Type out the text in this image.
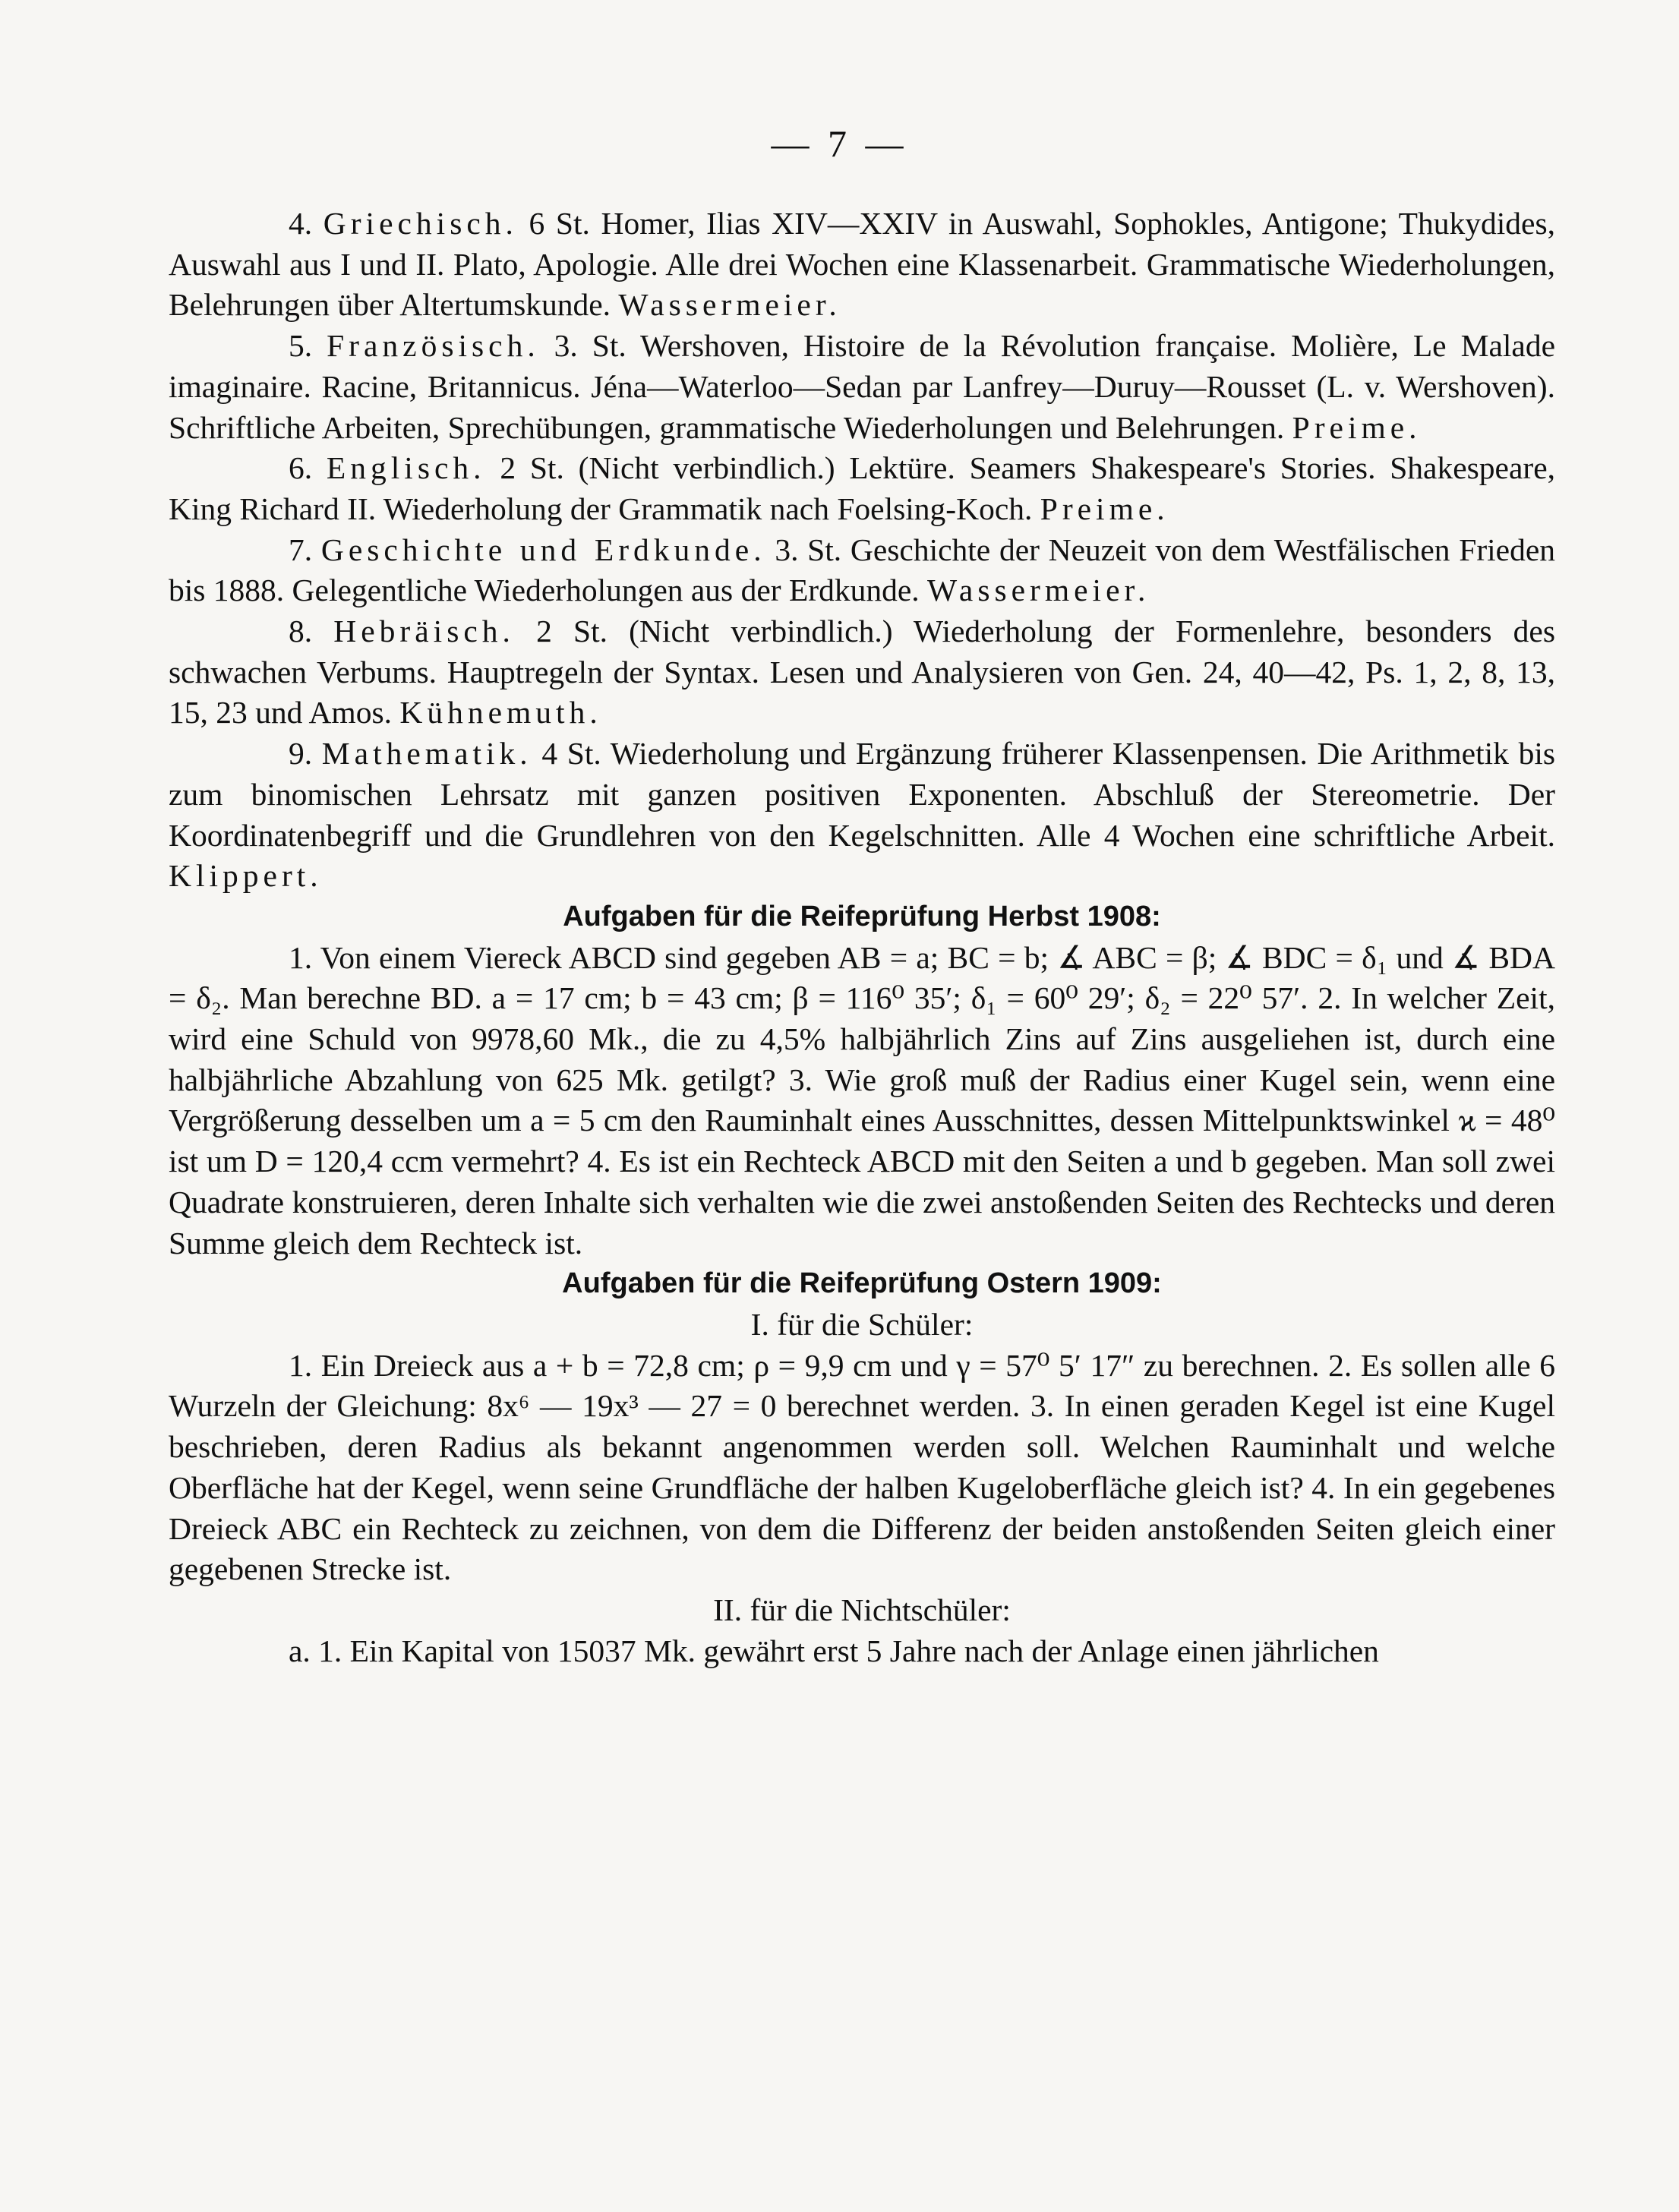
— 7 —

4. Griechisch. 6 St. Homer, Ilias XIV—XXIV in Auswahl, Sophokles, Antigone; Thukydides, Auswahl aus I und II. Plato, Apologie. Alle drei Wochen eine Klassenarbeit. Grammatische Wiederholungen, Belehrungen über Altertumskunde. Wassermeier.

5. Französisch. 3. St. Wershoven, Histoire de la Révolution française. Molière, Le Malade imaginaire. Racine, Britannicus. Jéna—Waterloo—Sedan par Lanfrey—Duruy—Rousset (L. v. Wershoven). Schriftliche Arbeiten, Sprechübungen, grammatische Wiederholungen und Belehrungen. Preime.

6. Englisch. 2 St. (Nicht verbindlich.) Lektüre. Seamers Shakespeare's Stories. Shakespeare, King Richard II. Wiederholung der Grammatik nach Foelsing-Koch. Preime.

7. Geschichte und Erdkunde. 3. St. Geschichte der Neuzeit von dem Westfälischen Frieden bis 1888. Gelegentliche Wiederholungen aus der Erdkunde. Wassermeier.

8. Hebräisch. 2 St. (Nicht verbindlich.) Wiederholung der Formenlehre, besonders des schwachen Verbums. Hauptregeln der Syntax. Lesen und Analysieren von Gen. 24, 40—42, Ps. 1, 2, 8, 13, 15, 23 und Amos. Kühnemuth.

9. Mathematik. 4 St. Wiederholung und Ergänzung früherer Klassenpensen. Die Arithmetik bis zum binomischen Lehrsatz mit ganzen positiven Exponenten. Abschluß der Stereometrie. Der Koordinatenbegriff und die Grundlehren von den Kegelschnitten. Alle 4 Wochen eine schriftliche Arbeit. Klippert.

Aufgaben für die Reifeprüfung Herbst 1908:

1. Von einem Viereck ABCD sind gegeben AB = a; BC = b; ∡ ABC = β; ∡ BDC = δ₁ und ∡ BDA = δ₂. Man berechne BD. a = 17 cm; b = 43 cm; β = 116⁰ 35′; δ₁ = 60⁰ 29′; δ₂ = 22⁰ 57′. 2. In welcher Zeit, wird eine Schuld von 9978,60 Mk., die zu 4,5% halbjährlich Zins auf Zins ausgeliehen ist, durch eine halbjährliche Abzahlung von 625 Mk. getilgt? 3. Wie groß muß der Radius einer Kugel sein, wenn eine Vergrößerung desselben um a = 5 cm den Rauminhalt eines Ausschnittes, dessen Mittelpunktswinkel ϰ = 48⁰ ist um D = 120,4 ccm vermehrt? 4. Es ist ein Rechteck ABCD mit den Seiten a und b gegeben. Man soll zwei Quadrate konstruieren, deren Inhalte sich verhalten wie die zwei anstoßenden Seiten des Rechtecks und deren Summe gleich dem Rechteck ist.

Aufgaben für die Reifeprüfung Ostern 1909:

I. für die Schüler:

1. Ein Dreieck aus a + b = 72,8 cm; ρ = 9,9 cm und γ = 57⁰ 5′ 17″ zu berechnen. 2. Es sollen alle 6 Wurzeln der Gleichung: 8x⁶ — 19x³ — 27 = 0 berechnet werden. 3. In einen geraden Kegel ist eine Kugel beschrieben, deren Radius als bekannt angenommen werden soll. Welchen Rauminhalt und welche Oberfläche hat der Kegel, wenn seine Grundfläche der halben Kugeloberfläche gleich ist? 4. In ein gegebenes Dreieck ABC ein Rechteck zu zeichnen, von dem die Differenz der beiden anstoßenden Seiten gleich einer gegebenen Strecke ist.

II. für die Nichtschüler:

a. 1. Ein Kapital von 15037 Mk. gewährt erst 5 Jahre nach der Anlage einen jährlichen
